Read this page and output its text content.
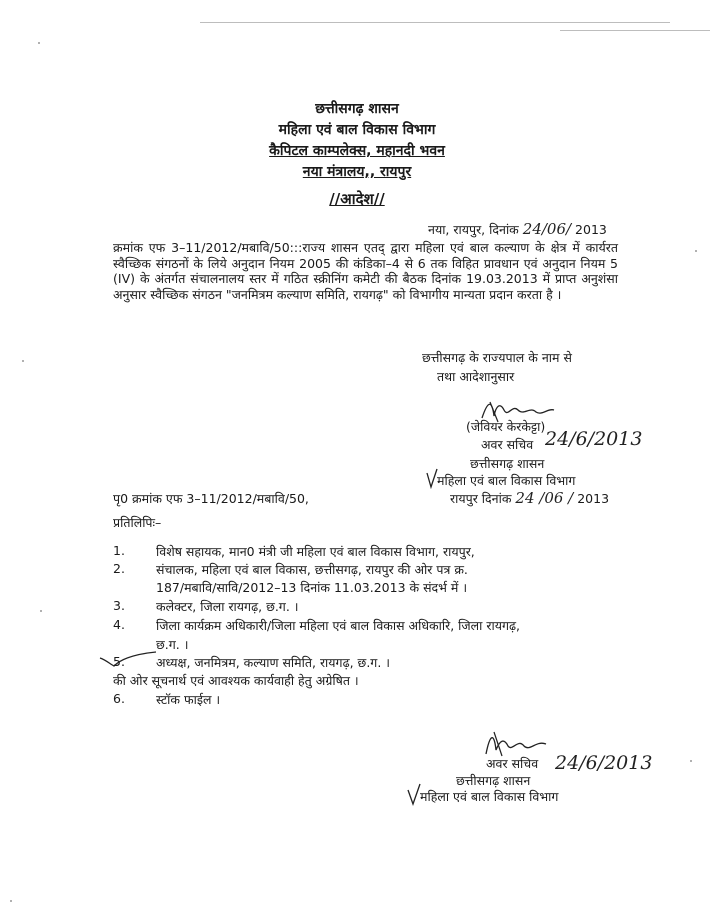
छत्तीसगढ़ शासन
महिला एवं बाल विकास विभाग
कैपिटल काम्पलेक्स, महानदी भवन
नया मंत्रालय,, रायपुर
//आदेश//
नया, रायपुर, दिनांक 24/06/ 2013
क्रमांक एफ 3–11/2012/मबावि/50:::राज्य शासन एतद् द्वारा महिला एवं बाल कल्याण के क्षेत्र में कार्यरत स्वैच्छिक संगठनों के लिये अनुदान नियम 2005 की कंडिका–4 से 6 तक विहित प्रावधान एवं अनुदान नियम 5 (IV) के अंतर्गत संचालनालय स्तर में गठित स्क्रीनिंग कमेटी की बैठक दिनांक 19.03.2013 में प्राप्त अनुशंसा अनुसार स्वैच्छिक संगठन "जनमित्रम कल्याण समिति, रायगढ़" को विभागीय मान्यता प्रदान करता है ।
छत्तीसगढ़ के राज्यपाल के नाम से
तथा आदेशानुसार
(जेवियर केरकेट्टा)
अवर सचिव 24/6/2013
छत्तीसगढ़ शासन
महिला एवं बाल विकास विभाग
पृ0 क्रमांक एफ 3–11/2012/मबावि/50,	रायपुर दिनांक 24 /06 / 2013
प्रतिलिपिः–
1. विशेष सहायक, मान0 मंत्री जी महिला एवं बाल विकास विभाग, रायपुर,
2. संचालक, महिला एवं बाल विकास, छत्तीसगढ़, रायपुर की ओर पत्र क्र.
187/मबावि/सावि/2012–13 दिनांक 11.03.2013 के संदर्भ में ।
3. कलेक्टर, जिला रायगढ़, छ.ग. ।
4. जिला कार्यक्रम अधिकारी/जिला महिला एवं बाल विकास अधिकारि, जिला रायगढ़,
छ.ग. ।
5. अध्यक्ष, जनमित्रम, कल्याण समिति, रायगढ़, छ.ग. ।
की ओर सूचनार्थ एवं आवश्यक कार्यवाही हेतु अग्रेषित ।
6. स्टॉक फाईल ।
अवर सचिव 24/6/2013
छत्तीसगढ़ शासन
महिला एवं बाल विकास विभाग
